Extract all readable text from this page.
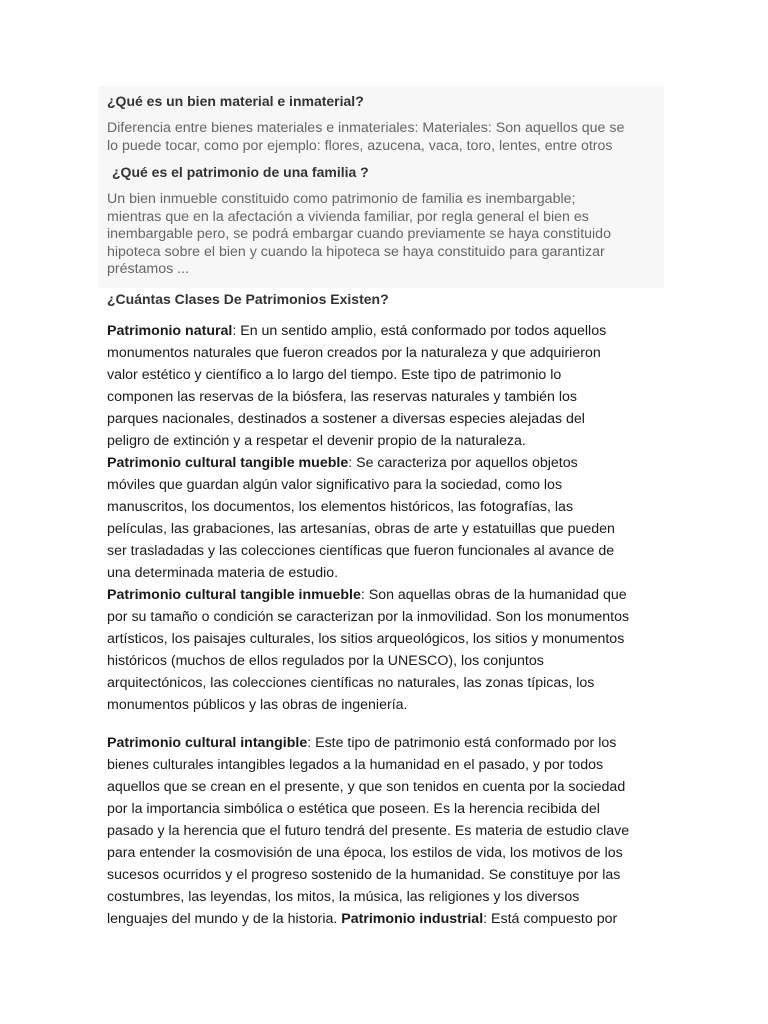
¿Qué es un bien material e inmaterial?
Diferencia entre bienes materiales e inmateriales: Materiales: Son aquellos que se
lo puede tocar, como por ejemplo: flores, azucena, vaca, toro, lentes, entre otros
¿Qué es el patrimonio de una familia ?
Un bien inmueble constituido como patrimonio de familia es inembargable;
mientras que en la afectación a vivienda familiar, por regla general el bien es
inembargable pero, se podrá embargar cuando previamente se haya constituido
hipoteca sobre el bien y cuando la hipoteca se haya constituido para garantizar
préstamos ...
¿Cuántas Clases De Patrimonios Existen?
Patrimonio natural: En un sentido amplio, está conformado por todos aquellos
monumentos naturales que fueron creados por la naturaleza y que adquirieron
valor estético y científico a lo largo del tiempo. Este tipo de patrimonio lo
componen las reservas de la biósfera, las reservas naturales y también los
parques nacionales, destinados a sostener a diversas especies alejadas del
peligro de extinción y a respetar el devenir propio de la naturaleza.
Patrimonio cultural tangible mueble: Se caracteriza por aquellos objetos
móviles que guardan algún valor significativo para la sociedad, como los
manuscritos, los documentos, los elementos históricos, las fotografías, las
películas, las grabaciones, las artesanías, obras de arte y estatuillas que pueden
ser trasladadas y las colecciones científicas que fueron funcionales al avance de
una determinada materia de estudio.
Patrimonio cultural tangible inmueble: Son aquellas obras de la humanidad que
por su tamaño o condición se caracterizan por la inmovilidad. Son los monumentos
artísticos, los paisajes culturales, los sitios arqueológicos, los sitios y monumentos
históricos (muchos de ellos regulados por la UNESCO), los conjuntos
arquitectónicos, las colecciones científicas no naturales, las zonas típicas, los
monumentos públicos y las obras de ingeniería.
Patrimonio cultural intangible: Este tipo de patrimonio está conformado por los
bienes culturales intangibles legados a la humanidad en el pasado, y por todos
aquellos que se crean en el presente, y que son tenidos en cuenta por la sociedad
por la importancia simbólica o estética que poseen. Es la herencia recibida del
pasado y la herencia que el futuro tendrá del presente. Es materia de estudio clave
para entender la cosmovisión de una época, los estilos de vida, los motivos de los
sucesos ocurridos y el progreso sostenido de la humanidad. Se constituye por las
costumbres, las leyendas, los mitos, la música, las religiones y los diversos
lenguajes del mundo y de la historia. Patrimonio industrial: Está compuesto por
